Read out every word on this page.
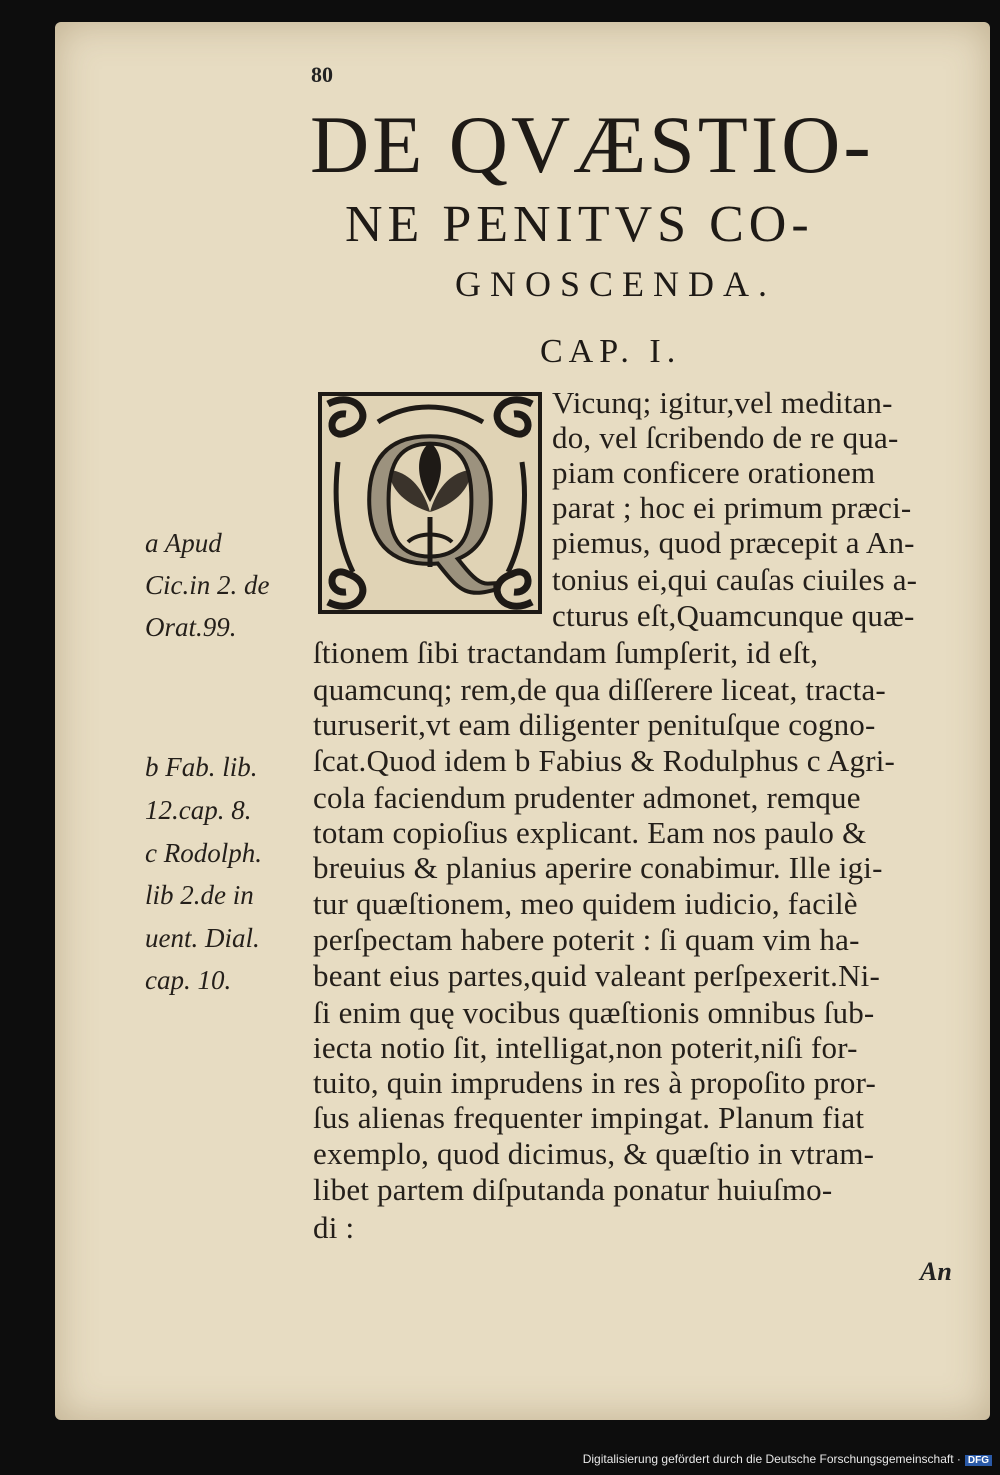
80
DE QVÆSTIO-
NE PENITVS CO-
GNOSCENDA.
CAP. I.
Q Vicunq; igitur,vel meditan-
do, vel ſcribendo de re qua-
piam conficere orationem
parat ; hoc ei primum præci-
piemus, quod præcepit a An-
tonius ei,qui cauſas ciuiles a-
cturus eſt,Quamcunque quæ-
ſtionem ſibi tractandam ſumpſerit, id eſt,
quamcunq; rem,de qua diſſerere liceat, tracta-
turuserit,vt eam diligenter penituſque cogno-
ſcat.Quod idem b Fabius & Rodulphus c Agri-
cola faciendum prudenter admonet, remque
totam copioſius explicant. Eam nos paulo &
breuius & planius aperire conabimur. Ille igi-
tur quæſtionem, meo quidem iudicio, facilè
perſpectam habere poterit : ſi quam vim ha-
beant eius partes,quid valeant perſpexerit.Ni-
ſi enim quę vocibus quæſtionis omnibus ſub-
iecta notio ſit, intelligat,non poterit,niſi for-
tuito, quin imprudens in res à propoſito pror-
ſus alienas frequenter impingat. Planum fiat
exemplo, quod dicimus, & quæſtio in vtram-
libet partem diſputanda ponatur huiuſmo-
di :
a Apud
Cic.in 2. de
Orat.99.
b Fab. lib.
12.cap. 8.
c Rodolph.
lib 2.de in
uent. Dial.
cap. 10.
An
Digitalisierung gefördert durch die Deutsche Forschungsgemeinschaft · DFG
